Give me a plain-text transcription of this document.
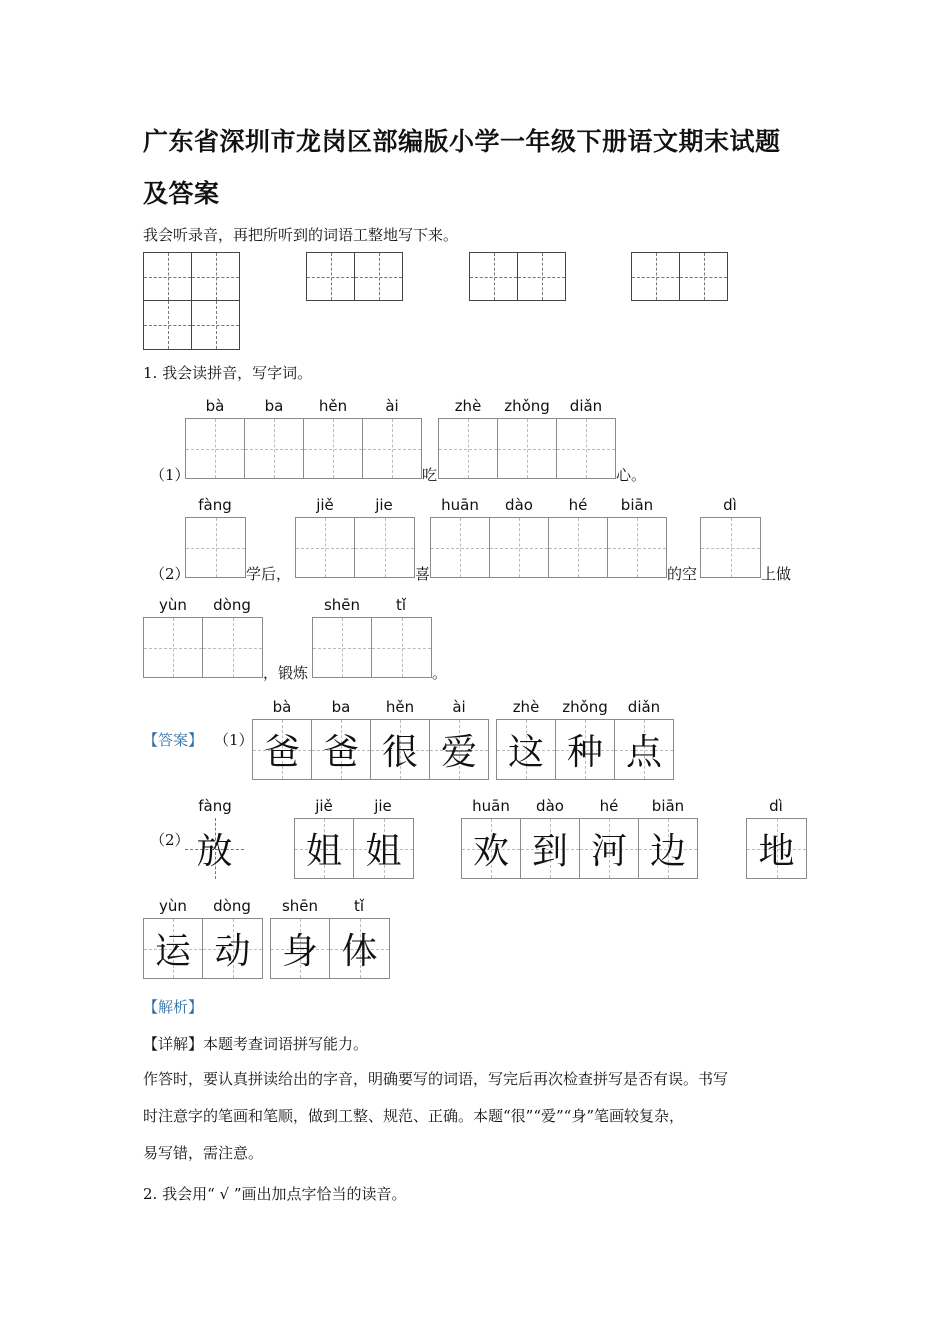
广东省深圳市龙岗区部编版小学一年级下册语文期末试题
及答案
我会听录音，再把所听到的词语工整地写下来。
1. 我会读拼音，写字词。
bà	ba	hěn	ài	zhè	zhǒng	diǎn
（1）	吃	心。
fàng	jiě	jie	huān	dào	hé	biān	dì
（2）	学后，	喜	的空	上做
yùn	dòng	shēn	tǐ
，锻炼	。
bà	ba	hěn	ài	zhè	zhǒng	diǎn
【答案】 （1） 爸 爸 很 爱 这 种 点
fàng	jiě	jie	huān	dào	hé	biān	dì
（2） 放	姐 姐	欢 到 河 边	地
yùn	dòng	shēn	tǐ
运 动 身 体
【解析】
【详解】本题考查词语拼写能力。
作答时，要认真拼读给出的字音，明确要写的词语，写完后再次检查拼写是否有误。书写
时注意字的笔画和笔顺，做到工整、规范、正确。本题“很”“爱”“身”笔画较复杂，
易写错，需注意。
2. 我会用“ √ ”画出加点字恰当的读音。
